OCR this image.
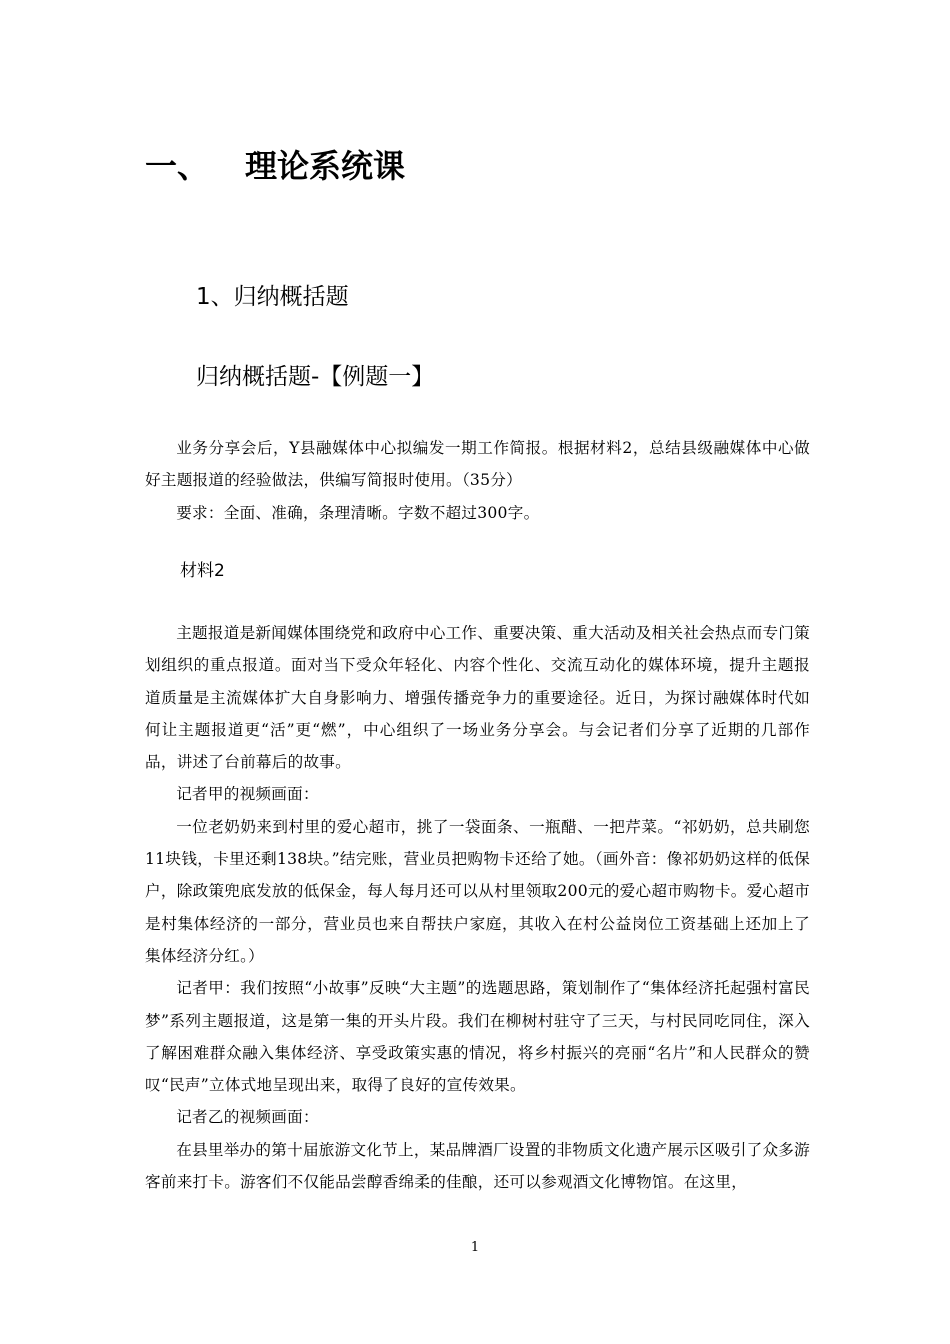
一、 理论系统课
1、归纳概括题
归纳概括题-【例题一】

业务分享会后，Y县融媒体中心拟编发一期工作简报。根据材料2，总结县级融媒体中心做好主题报道的经验做法，供编写简报时使用。（35分）

要求：全面、准确，条理清晰。字数不超过300字。

材料2

主题报道是新闻媒体围绕党和政府中心工作、重要决策、重大活动及相关社会热点而专门策划组织的重点报道。面对当下受众年轻化、内容个性化、交流互动化的媒体环境，提升主题报道质量是主流媒体扩大自身影响力、增强传播竞争力的重要途径。近日，为探讨融媒体时代如何让主题报道更“活”更“燃”，中心组织了一场业务分享会。与会记者们分享了近期的几部作品，讲述了台前幕后的故事。

记者甲的视频画面：

一位老奶奶来到村里的爱心超市，挑了一袋面条、一瓶醋、一把芹菜。“祁奶奶，总共刷您11块钱，卡里还剩138块。”结完账，营业员把购物卡还给了她。（画外音：像祁奶奶这样的低保户，除政策兜底发放的低保金，每人每月还可以从村里领取200元的爱心超市购物卡。爱心超市是村集体经济的一部分，营业员也来自帮扶户家庭，其收入在村公益岗位工资基础上还加上了集体经济分红。）

记者甲：我们按照“小故事”反映“大主题”的选题思路，策划制作了“集体经济托起强村富民梦”系列主题报道，这是第一集的开头片段。我们在柳树村驻守了三天，与村民同吃同住，深入了解困难群众融入集体经济、享受政策实惠的情况，将乡村振兴的亮丽“名片”和人民群众的赞叹“民声”立体式地呈现出来，取得了良好的宣传效果。

记者乙的视频画面：

在县里举办的第十届旅游文化节上，某品牌酒厂设置的非物质文化遗产展示区吸引了众多游客前来打卡。游客们不仅能品尝醇香绵柔的佳酿，还可以参观酒文化博物馆。在这里，

1
